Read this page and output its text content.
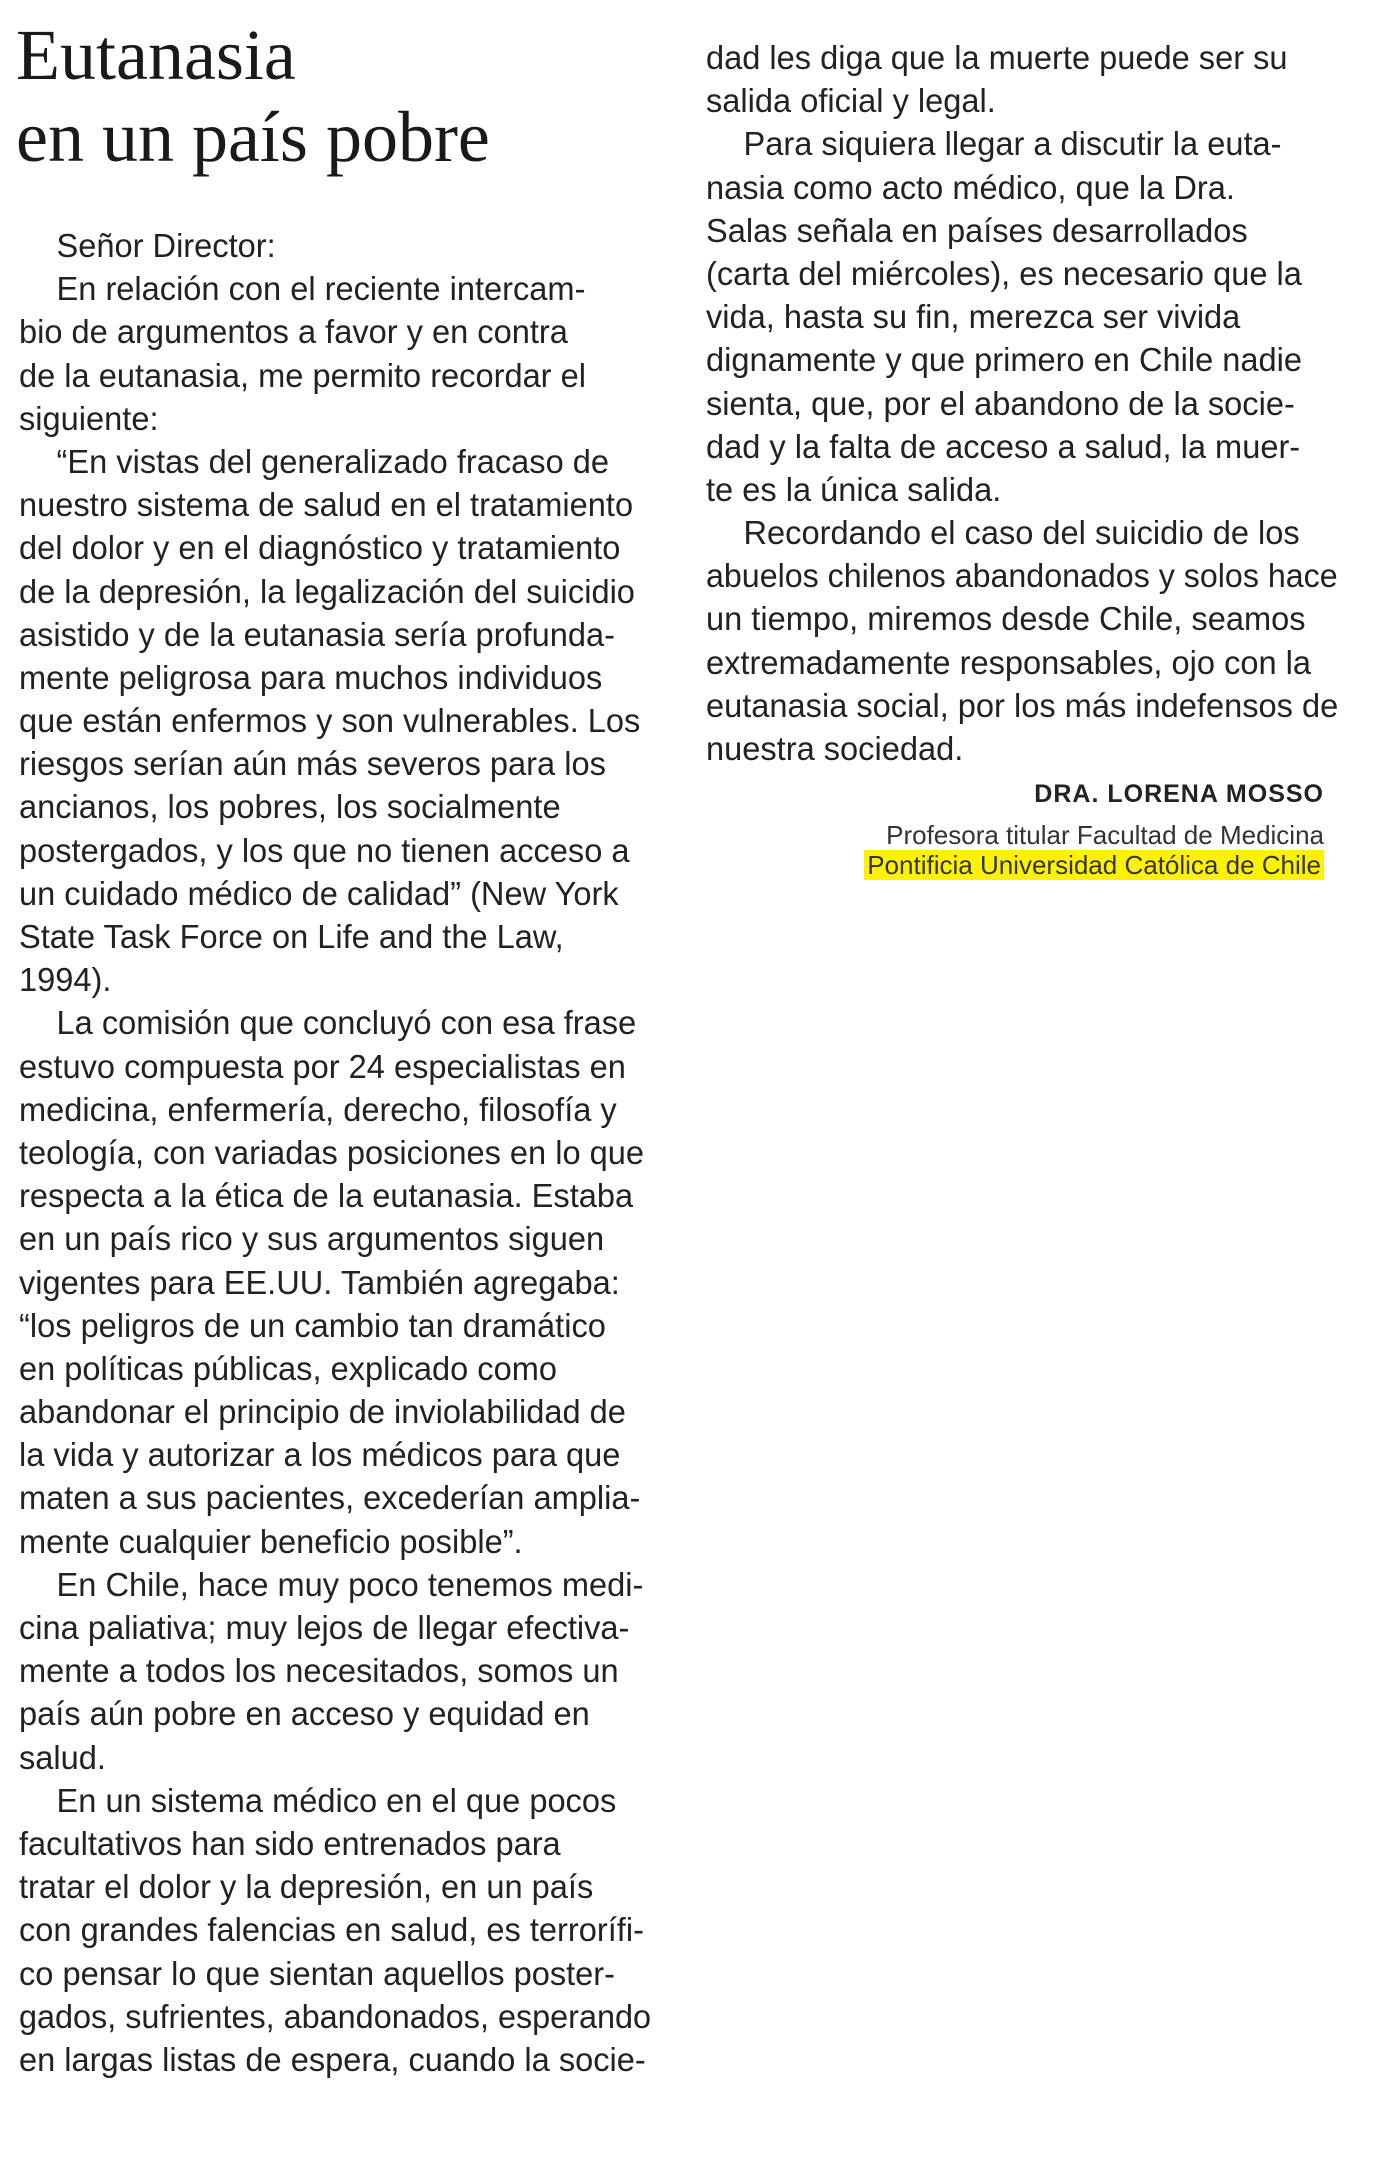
Eutanasia
en un país pobre
Señor Director:
En relación con el reciente intercam-
bio de argumentos a favor y en contra
de la eutanasia, me permito recordar el
siguiente:
“En vistas del generalizado fracaso de
nuestro sistema de salud en el tratamiento
del dolor y en el diagnóstico y tratamiento
de la depresión, la legalización del suicidio
asistido y de la eutanasia sería profunda-
mente peligrosa para muchos individuos
que están enfermos y son vulnerables. Los
riesgos serían aún más severos para los
ancianos, los pobres, los socialmente
postergados, y los que no tienen acceso a
un cuidado médico de calidad” (New York
State Task Force on Life and the Law,
1994).
La comisión que concluyó con esa frase
estuvo compuesta por 24 especialistas en
medicina, enfermería, derecho, filosofía y
teología, con variadas posiciones en lo que
respecta a la ética de la eutanasia. Estaba
en un país rico y sus argumentos siguen
vigentes para EE.UU. También agregaba:
“los peligros de un cambio tan dramático
en políticas públicas, explicado como
abandonar el principio de inviolabilidad de
la vida y autorizar a los médicos para que
maten a sus pacientes, excederían amplia-
mente cualquier beneficio posible”.
En Chile, hace muy poco tenemos medi-
cina paliativa; muy lejos de llegar efectiva-
mente a todos los necesitados, somos un
país aún pobre en acceso y equidad en
salud.
En un sistema médico en el que pocos
facultativos han sido entrenados para
tratar el dolor y la depresión, en un país
con grandes falencias en salud, es terrorífi-
co pensar lo que sientan aquellos poster-
gados, sufrientes, abandonados, esperando
en largas listas de espera, cuando la socie-
dad les diga que la muerte puede ser su
salida oficial y legal.
Para siquiera llegar a discutir la euta-
nasia como acto médico, que la Dra.
Salas señala en países desarrollados
(carta del miércoles), es necesario que la
vida, hasta su fin, merezca ser vivida
dignamente y que primero en Chile nadie
sienta, que, por el abandono de la socie-
dad y la falta de acceso a salud, la muer-
te es la única salida.
Recordando el caso del suicidio de los
abuelos chilenos abandonados y solos hace
un tiempo, miremos desde Chile, seamos
extremadamente responsables, ojo con la
eutanasia social, por los más indefensos de
nuestra sociedad.
DRA. LORENA MOSSO
Profesora titular Facultad de Medicina
Pontificia Universidad Católica de Chile
